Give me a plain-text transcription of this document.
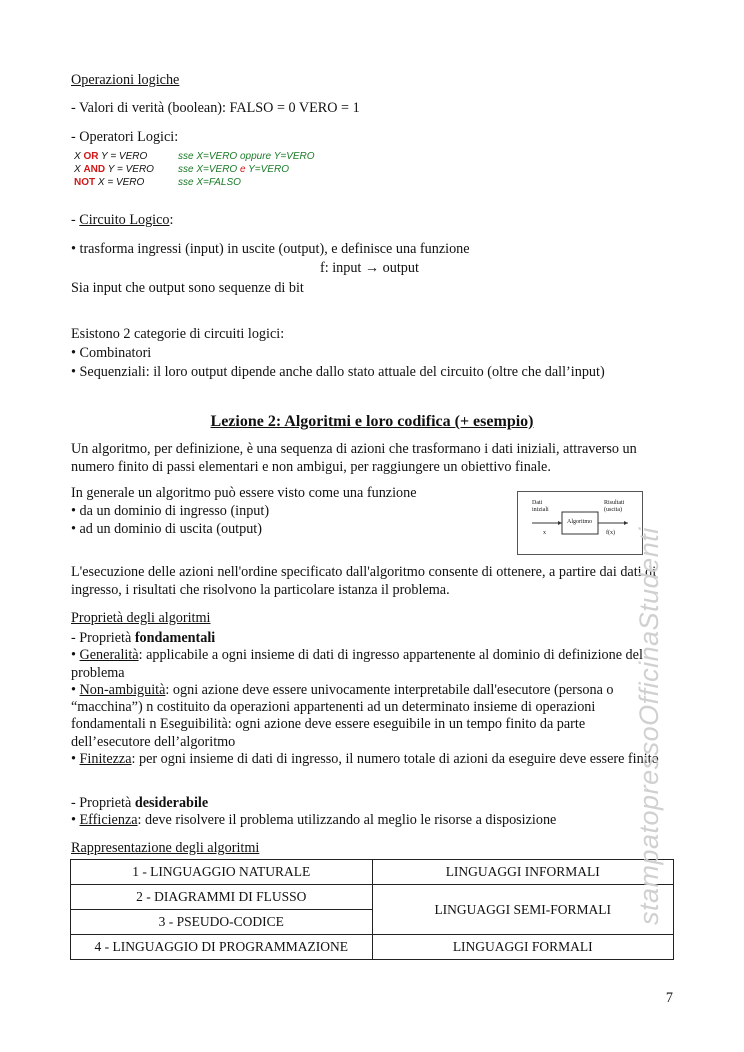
Operazioni logiche
- Valori di verità (boolean): FALSO = 0 VERO = 1
- Operatori Logici:
X OR Y = VERO	sse X=VERO oppure Y=VERO
X AND Y = VERO sse X=VERO e Y=VERO
NOT X = VERO	sse X=FALSO
- Circuito Logico:
• trasforma ingressi (input) in uscite (output), e definisce una funzione
f: input → output
Sia input che output sono sequenze di bit
Esistono 2 categorie di circuiti logici:
• Combinatori
• Sequenziali: il loro output dipende anche dallo stato attuale del circuito (oltre che dall’input)
Lezione 2: Algoritmi e loro codifica (+ esempio)
Un algoritmo, per definizione, è una sequenza di azioni che trasformano i dati iniziali, attraverso un numero finito di passi elementari e non ambigui, per raggiungere un obiettivo finale.
In generale un algoritmo può essere visto come una funzione
• da un dominio di ingresso (input)
• ad un dominio di uscita (output)
Dati iniziali
Algoritmo
Risultati (uscita)
x	f(x)
L'esecuzione delle azioni nell'ordine specificato dall'algoritmo consente di ottenere, a partire dai dati di ingresso, i risultati che risolvono la particolare istanza il problema.
Proprietà degli algoritmi
- Proprietà fondamentali
• Generalità: applicabile a ogni insieme di dati di ingresso appartenente al dominio di definizione del problema
• Non-ambiguità: ogni azione deve essere univocamente interpretabile dall'esecutore (persona o
“macchina”) n costituito da operazioni appartenenti ad un determinato insieme di operazioni
fondamentali n Eseguibilità: ogni azione deve essere eseguibile in un tempo finito da parte
dell’esecutore dell’algoritmo
• Finitezza: per ogni insieme di dati di ingresso, il numero totale di azioni da eseguire deve essere finito
- Proprietà desiderabile
• Efficienza: deve risolvere il problema utilizzando al meglio le risorse a disposizione
Rappresentazione degli algoritmi
1 - LINGUAGGIO NATURALE	LINGUAGGI INFORMALI
2 - DIAGRAMMI DI FLUSSO	LINGUAGGI SEMI-FORMALI
3 - PSEUDO-CODICE	
4 - LINGUAGGIO DI PROGRAMMAZIONE	LINGUAGGI FORMALI
stampatopressoOfficinaStudenti
7
